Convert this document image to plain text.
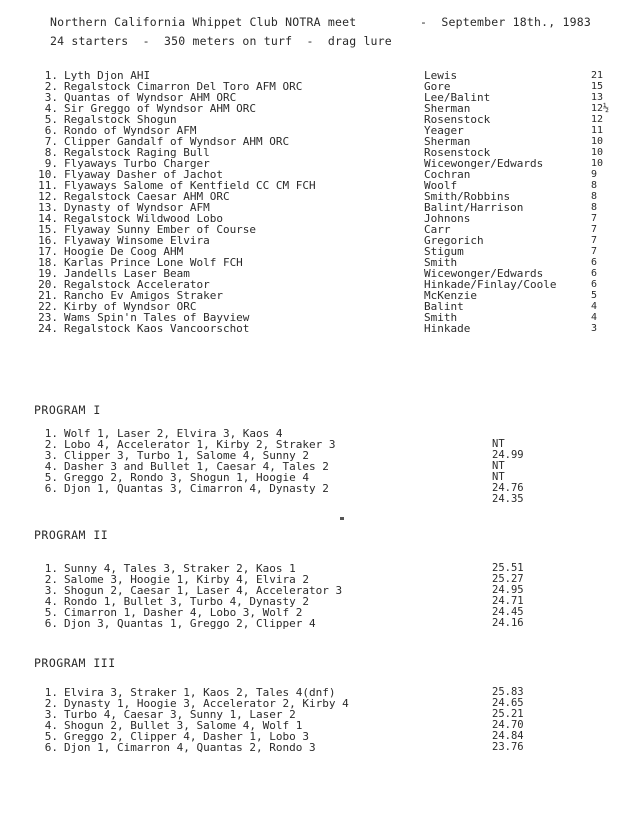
Northern California Whippet Club NOTRA meet	-  September 18th., 1983
24 starters  -  350 meters on turf  -  drag lure
1. Lyth Djon AHI	Lewis	21
2. Regalstock Cimarron Del Toro AFM ORC	Gore	15
3. Quantas of Wyndsor AHM ORC	Lee/Balint	13
4. Sir Greggo of Wyndsor AHM ORC	Sherman	12½
5. Regalstock Shogun	Rosenstock	12
6. Rondo of Wyndsor AFM	Yeager	11
7. Clipper Gandalf of Wyndsor AHM ORC	Sherman	10
8. Regalstock Raging Bull	Rosenstock	10
9. Flyaways Turbo Charger	Wicewonger/Edwards	10
10. Flyaway Dasher of Jachot	Cochran	9
11. Flyaways Salome of Kentfield CC CM FCH	Woolf	8
12. Regalstock Caesar AHM ORC	Smith/Robbins	8
13. Dynasty of Wyndsor AFM	Balint/Harrison	8
14. Regalstock Wildwood Lobo	Johnons	7
15. Flyaway Sunny Ember of Course	Carr	7
16. Flyaway Winsome Elvira	Gregorich	7
17. Hoogie De Coog AHM	Stigum	7
18. Karlas Prince Lone Wolf FCH	Smith	6
19. Jandells Laser Beam	Wicewonger/Edwards	6
20. Regalstock Accelerator	Hinkade/Finlay/Coole	6
21. Rancho Ev Amigos Straker	McKenzie	5
22. Kirby of Wyndsor ORC	Balint	4
23. Wams Spin'n Tales of Bayview	Smith	4
24. Regalstock Kaos Vancoorschot	Hinkade	3
PROGRAM I
1. Wolf 1, Laser 2, Elvira 3, Kaos 4
2. Lobo 4, Accelerator 1, Kirby 2, Straker 3	NT
3. Clipper 3, Turbo 1, Salome 4, Sunny 2	24.99
4. Dasher 3 and Bullet 1, Caesar 4, Tales 2	NT
5. Greggo 2, Rondo 3, Shogun 1, Hoogie 4	NT
6. Djon 1, Quantas 3, Cimarron 4, Dynasty 2	24.76
24.35
PROGRAM II
1. Sunny 4, Tales 3, Straker 2, Kaos 1	25.51
2. Salome 3, Hoogie 1, Kirby 4, Elvira 2	25.27
3. Shogun 2, Caesar 1, Laser 4, Accelerator 3	24.95
4. Rondo 1, Bullet 3, Turbo 4, Dynasty 2	24.71
5. Cimarron 1, Dasher 4, Lobo 3, Wolf 2	24.45
6. Djon 3, Quantas 1, Greggo 2, Clipper 4	24.16
PROGRAM III
1. Elvira 3, Straker 1, Kaos 2, Tales 4(dnf)	25.83
2. Dynasty 1, Hoogie 3, Accelerator 2, Kirby 4	24.65
3. Turbo 4, Caesar 3, Sunny 1, Laser 2	25.21
4. Shogun 2, Bullet 3, Salome 4, Wolf 1	24.70
5. Greggo 2, Clipper 4, Dasher 1, Lobo 3	24.84
6. Djon 1, Cimarron 4, Quantas 2, Rondo 3	23.76
